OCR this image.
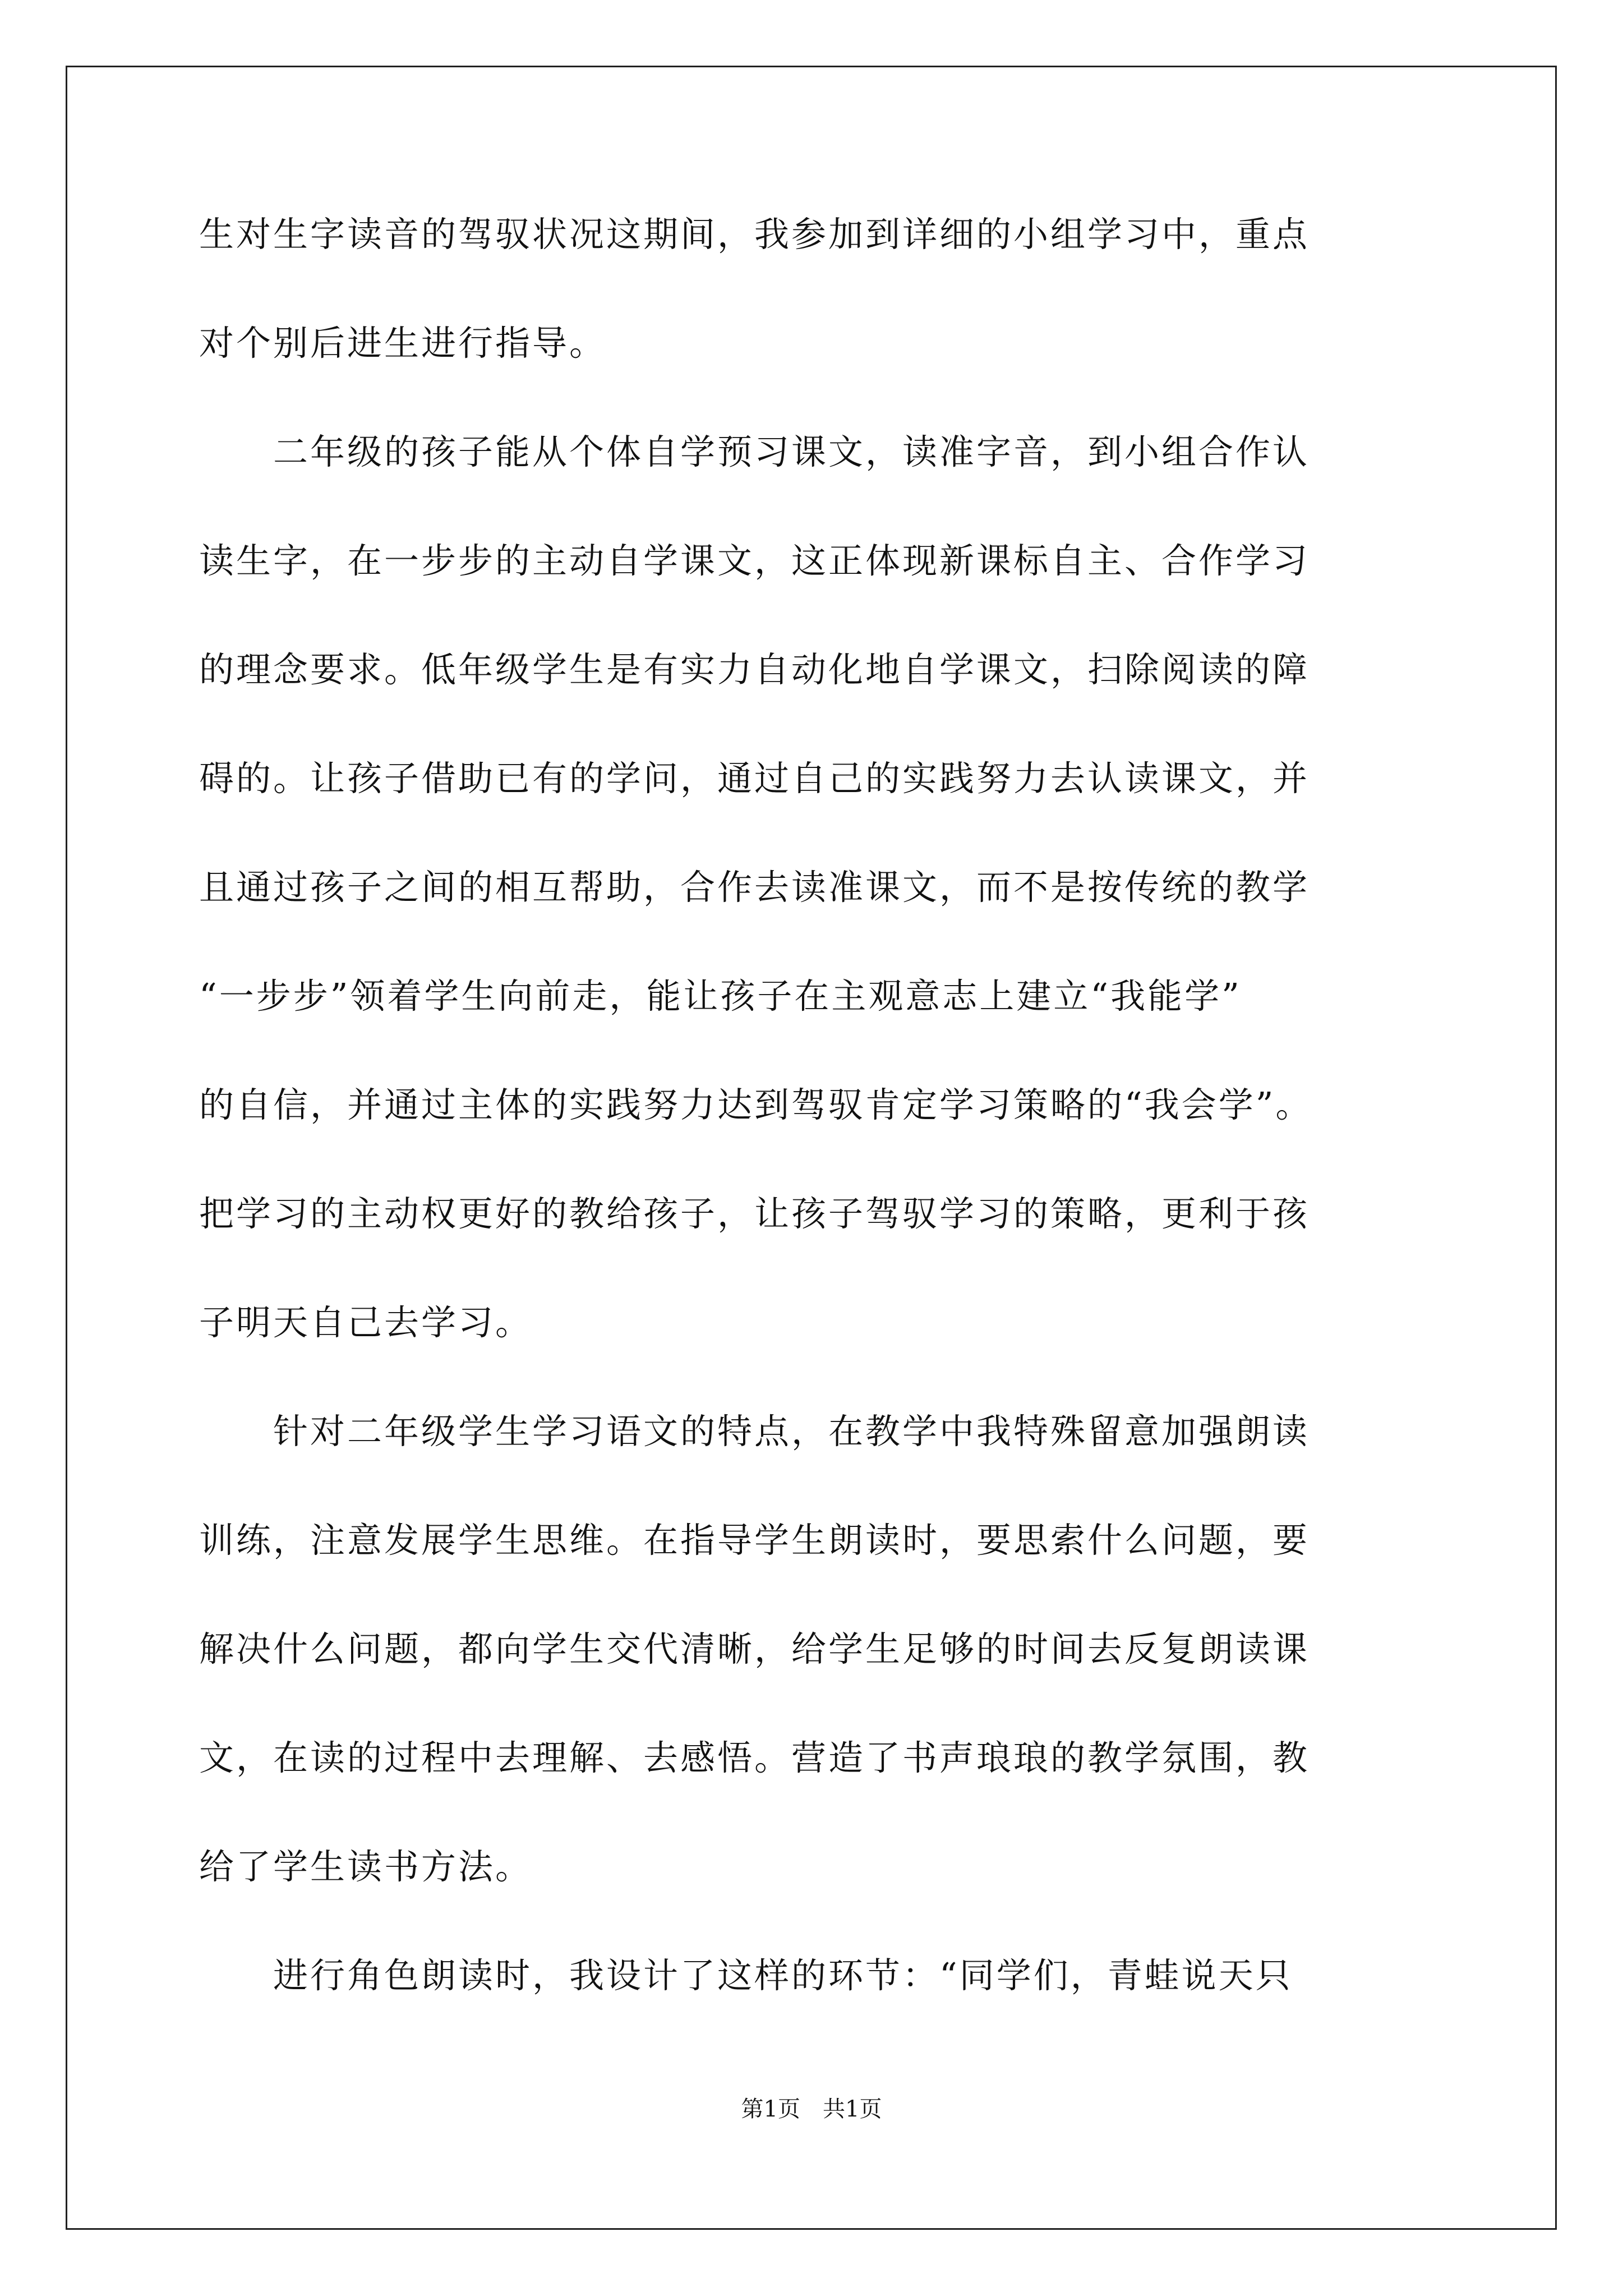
生对生字读音的驾驭状况这期间，我参加到详细的小组学习中，重点
对个别后进生进行指导。
　　二年级的孩子能从个体自学预习课文，读准字音，到小组合作认
读生字，在一步步的主动自学课文，这正体现新课标自主、合作学习
的理念要求。低年级学生是有实力自动化地自学课文，扫除阅读的障
碍的。让孩子借助已有的学问，通过自己的实践努力去认读课文，并
且通过孩子之间的相互帮助，合作去读准课文，而不是按传统的教学
“一步步”领着学生向前走，能让孩子在主观意志上建立“我能学”
的自信，并通过主体的实践努力达到驾驭肯定学习策略的“我会学”。
把学习的主动权更好的教给孩子，让孩子驾驭学习的策略，更利于孩
子明天自己去学习。
　　针对二年级学生学习语文的特点，在教学中我特殊留意加强朗读
训练，注意发展学生思维。在指导学生朗读时，要思索什么问题，要
解决什么问题，都向学生交代清晰，给学生足够的时间去反复朗读课
文，在读的过程中去理解、去感悟。营造了书声琅琅的教学氛围，教
给了学生读书方法。
　　进行角色朗读时，我设计了这样的环节：“同学们，青蛙说天只
第1页　共1页
